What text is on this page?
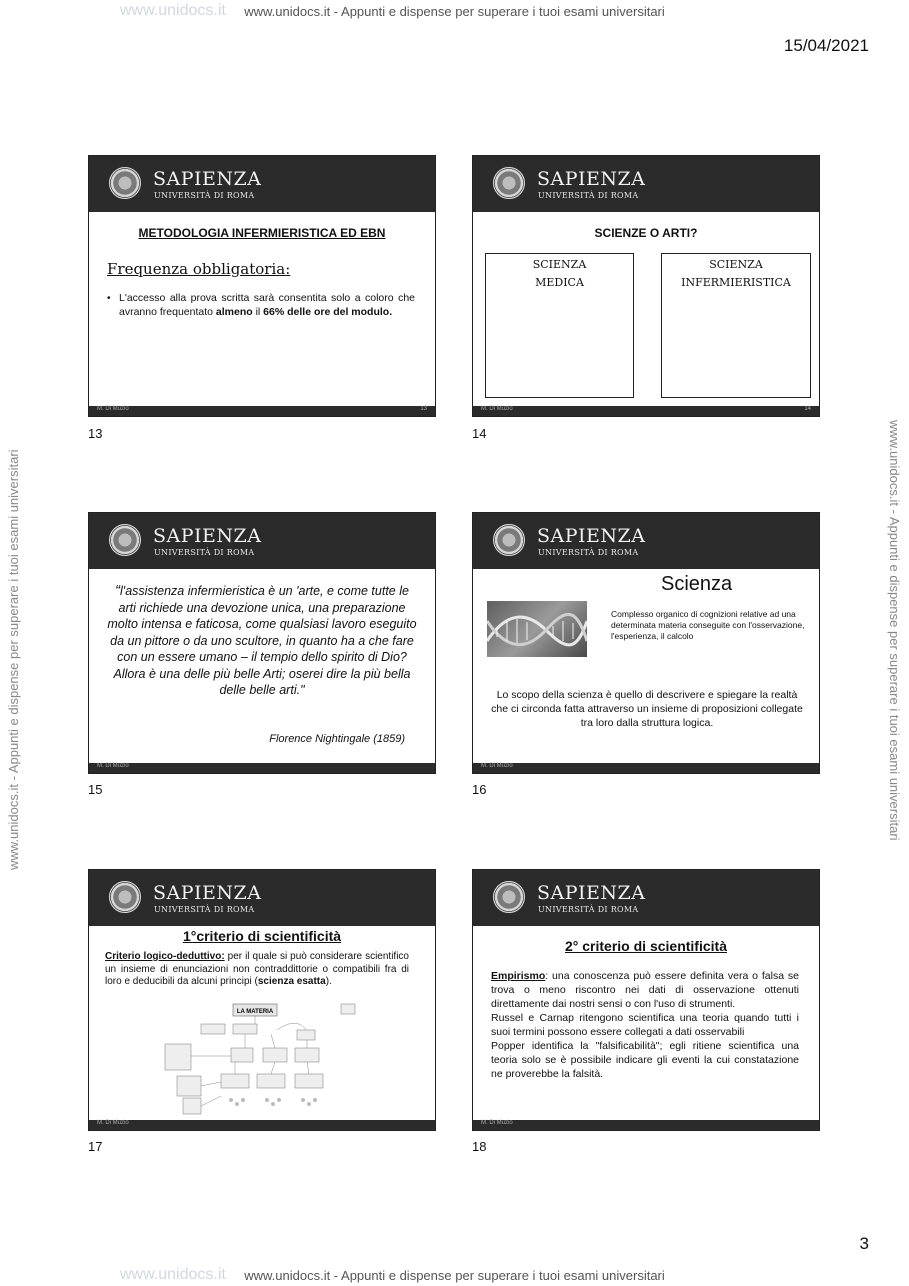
www.unidocs.it - Appunti e dispense per superare i tuoi esami universitari
www.unidocs.it - Appunti e dispense per superare i tuoi esami universitari
www.unidocs.it
www.unidocs.it
www.unidocs.it - Appunti e dispense per superare i tuoi esami universitari	www.unidocs.it - Appunti e dispense per superare i tuoi esami universitari
15/04/2021
SAPIENZA
UNIVERSITÀ DI ROMA
METODOLOGIA INFERMIERISTICA ED EBN
Frequenza obbligatoria:
• L'accesso alla prova scritta sarà consentita solo a coloro che avranno frequentato almeno il 66% delle ore del modulo.
M. Di Muzio	13
13
SAPIENZA
UNIVERSITÀ DI ROMA
SCIENZE O ARTI?
SCIENZA
MEDICA
SCIENZA
INFERMIERISTICA
M. Di Muzio	14
14
SAPIENZA
UNIVERSITÀ DI ROMA
“l'assistenza infermieristica è un 'arte, e come tutte le arti richiede una devozione unica, una preparazione molto intensa e faticosa, come qualsiasi lavoro eseguito da un pittore o da uno scultore, in quanto ha a che fare con un essere umano – il tempio dello spirito di Dio? Allora è una delle più belle Arti; oserei dire la più bella delle belle arti."
Florence Nightingale (1859)
M. Di Muzio
15
SAPIENZA
UNIVERSITÀ DI ROMA
Scienza
Complesso organico di cognizioni relative ad una determinata materia conseguite con l'osservazione, l'esperienza, il calcolo
Lo scopo della scienza è quello di descrivere e spiegare la realtà che ci circonda fatta attraverso un insieme di proposizioni collegate tra loro dalla struttura logica.
M. Di Muzio
16
SAPIENZA
UNIVERSITÀ DI ROMA
1°criterio di scientificità
Criterio logico-deduttivo: per il quale si può considerare scientifico un insieme di enunciazioni non contraddittorie o compatibili fra di loro e deducibili da alcuni principi (scienza esatta).
LA MATERIA
M. Di Muzio
17
SAPIENZA
UNIVERSITÀ DI ROMA
2° criterio di scientificità
Empirismo: una conoscenza può essere definita vera o falsa se trova o meno riscontro nei dati di osservazione ottenuti direttamente dai nostri sensi o con l'uso di strumenti.
Russel e Carnap ritengono scientifica una teoria quando tutti i suoi termini possono essere collegati a dati osservabili
Popper identifica la "falsificabilità"; egli ritiene scientifica una teoria solo se è possibile indicare gli eventi la cui constatazione ne proverebbe la falsità.
M. Di Muzio
18
3
